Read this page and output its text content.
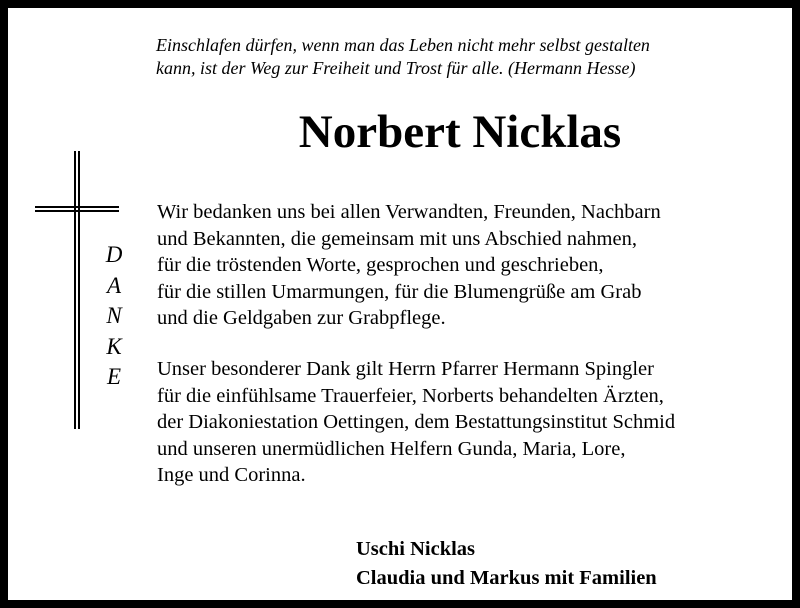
Einschlafen dürfen, wenn man das Leben nicht mehr selbst gestalten
kann, ist der Weg zur Freiheit und Trost für alle. (Hermann Hesse)
Norbert Nicklas
D
A
N
K
E
Wir bedanken uns bei allen Verwandten, Freunden, Nachbarn
und Bekannten, die gemeinsam mit uns Abschied nahmen,
für die tröstenden Worte, gesprochen und geschrieben,
für die stillen Umarmungen, für die Blumengrüße am Grab
und die Geldgaben zur Grabpflege.
Unser besonderer Dank gilt Herrn Pfarrer Hermann Spingler
für die einfühlsame Trauerfeier, Norberts behandelten Ärzten,
der Diakoniestation Oettingen, dem Bestattungsinstitut Schmid
und unseren unermüdlichen Helfern Gunda, Maria, Lore,
Inge und Corinna.
Uschi Nicklas
Claudia und Markus mit Familien
